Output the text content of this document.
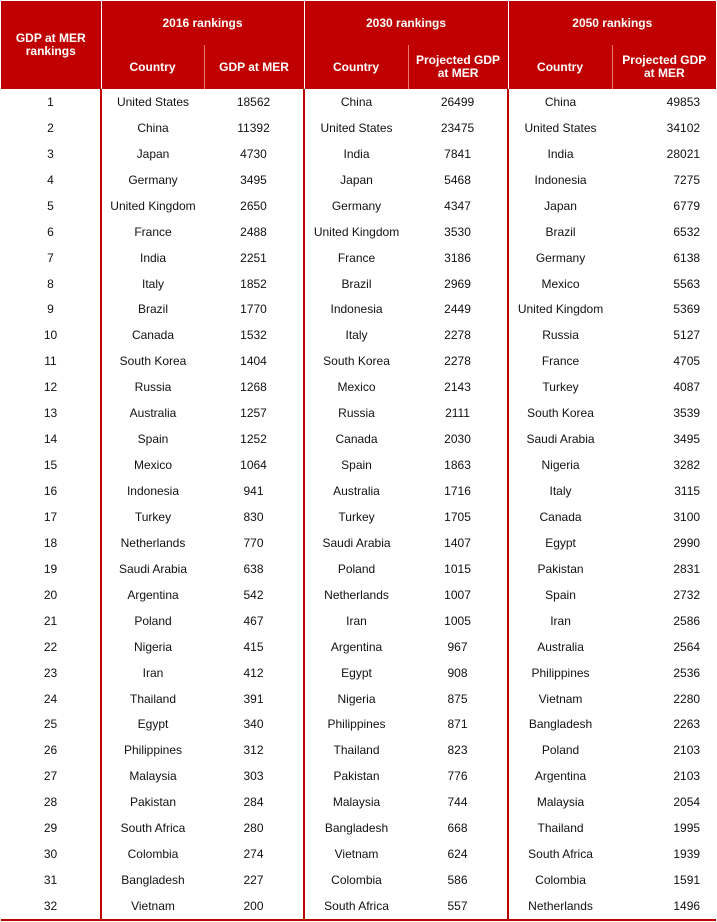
GDP at MER rankings	2016 rankings		2030 rankings		2050 rankings	
	Country	GDP at MER	Country	Projected GDP at MER	Country	Projected GDP at MER
1	United States	18562	China	26499	China	49853
2	China	11392	United States	23475	United States	34102
3	Japan	4730	India	7841	India	28021
4	Germany	3495	Japan	5468	Indonesia	7275
5	United Kingdom	2650	Germany	4347	Japan	6779
6	France	2488	United Kingdom	3530	Brazil	6532
7	India	2251	France	3186	Germany	6138
8	Italy	1852	Brazil	2969	Mexico	5563
9	Brazil	1770	Indonesia	2449	United Kingdom	5369
10	Canada	1532	Italy	2278	Russia	5127
11	South Korea	1404	South Korea	2278	France	4705
12	Russia	1268	Mexico	2143	Turkey	4087
13	Australia	1257	Russia	2111	South Korea	3539
14	Spain	1252	Canada	2030	Saudi Arabia	3495
15	Mexico	1064	Spain	1863	Nigeria	3282
16	Indonesia	941	Australia	1716	Italy	3115
17	Turkey	830	Turkey	1705	Canada	3100
18	Netherlands	770	Saudi Arabia	1407	Egypt	2990
19	Saudi Arabia	638	Poland	1015	Pakistan	2831
20	Argentina	542	Netherlands	1007	Spain	2732
21	Poland	467	Iran	1005	Iran	2586
22	Nigeria	415	Argentina	967	Australia	2564
23	Iran	412	Egypt	908	Philippines	2536
24	Thailand	391	Nigeria	875	Vietnam	2280
25	Egypt	340	Philippines	871	Bangladesh	2263
26	Philippines	312	Thailand	823	Poland	2103
27	Malaysia	303	Pakistan	776	Argentina	2103
28	Pakistan	284	Malaysia	744	Malaysia	2054
29	South Africa	280	Bangladesh	668	Thailand	1995
30	Colombia	274	Vietnam	624	South Africa	1939
31	Bangladesh	227	Colombia	586	Colombia	1591
32	Vietnam	200	South Africa	557	Netherlands	1496
